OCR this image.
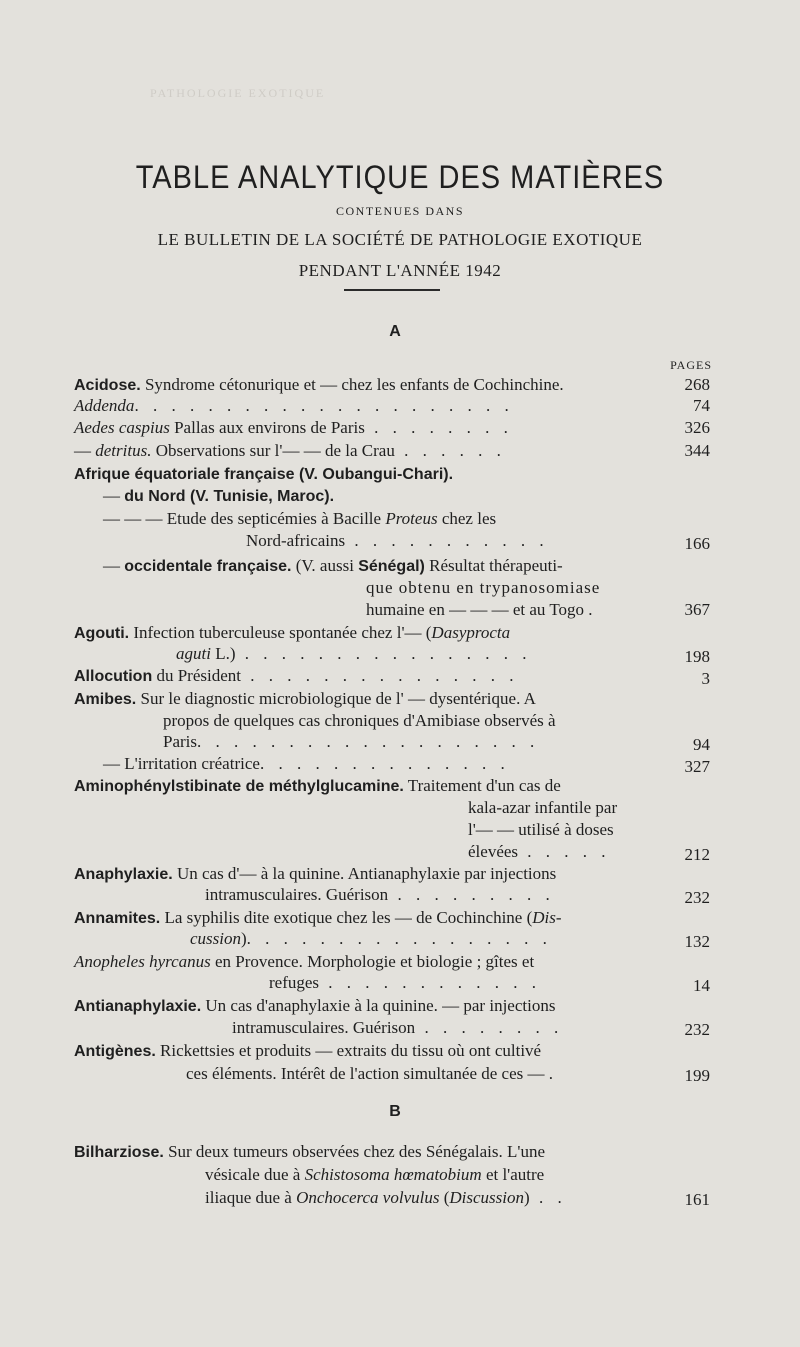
PATHOLOGIE EXOTIQUE
TABLE ANALYTIQUE DES MATIÈRES
CONTENUES DANS
LE BULLETIN DE LA SOCIÉTÉ DE PATHOLOGIE EXOTIQUE
PENDANT L'ANNÉE 1942
A
PAGES
Acidose. Syndrome cétonurique et — chez les enfants de Cochinchine.	268
Addenda. . . . . . . . . . . . . . . . . . . . .	74
Aedes caspius Pallas aux environs de Paris . . . . . . . .	326
— detritus. Observations sur l'— — de la Crau . . . . . .	344
Afrique équatoriale française (V. Oubangui-Chari).
— du Nord (V. Tunisie, Maroc).
— — — Etude des septicémies à Bacille Proteus chez les
Nord-africains . . . . . . . . . . .	166
— occidentale française. (V. aussi Sénégal) Résultat thérapeuti-
que obtenu en trypanosomiase
humaine en — — — et au Togo .	367
Agouti. Infection tuberculeuse spontanée chez l'— (Dasyprocta
aguti L.) . . . . . . . . . . . . . . . .	198
Allocution du Président . . . . . . . . . . . . . . .	3
Amibes. Sur le diagnostic microbiologique de l' — dysentérique. A
propos de quelques cas chroniques d'Amibiase observés à
Paris. . . . . . . . . . . . . . . . . . .	94
— L'irritation créatrice. . . . . . . . . . . . . .	327
Aminophénylstibinate de méthylglucamine. Traitement d'un cas de
kala-azar infantile par
l'— — utilisé à doses
élevées . . . . .	212
Anaphylaxie. Un cas d'— à la quinine. Antianaphylaxie par injections
intramusculaires. Guérison . . . . . . . . .	232
Annamites. La syphilis dite exotique chez les — de Cochinchine (Dis-
cussion). . . . . . . . . . . . . . . . .	132
Anopheles hyrcanus en Provence. Morphologie et biologie ; gîtes et
refuges . . . . . . . . . . . .	14
Antianaphylaxie. Un cas d'anaphylaxie à la quinine. — par injections
intramusculaires. Guérison . . . . . . . .	232
Antigènes. Rickettsies et produits — extraits du tissu où ont cultivé
ces éléments. Intérêt de l'action simultanée de ces — .	199
B
Bilharziose. Sur deux tumeurs observées chez des Sénégalais. L'une
vésicale due à Schistosoma hœmatobium et l'autre
iliaque due à Onchocerca volvulus (Discussion) . .	161
